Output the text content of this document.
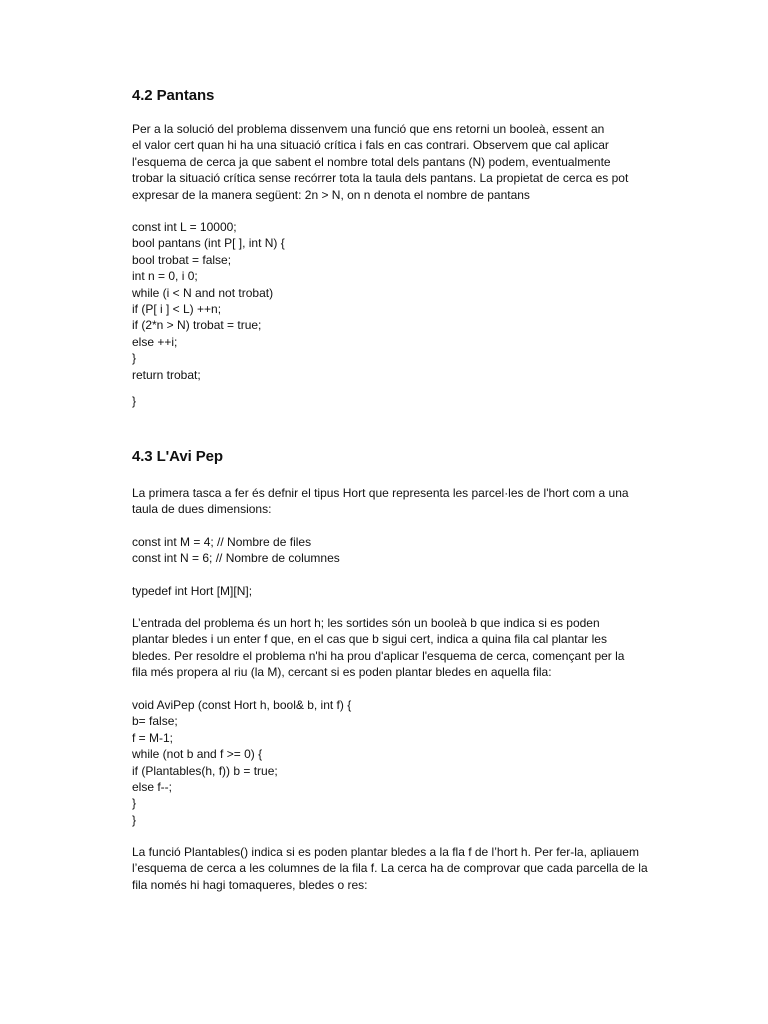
4.2 Pantans
Per a la solució del problema dissenvem una funció que ens retorni un booleà, essent an
el valor cert quan hi ha una situació crítica i fals en cas contrari. Observem que cal aplicar
l'esquema de cerca ja que sabent el nombre total dels pantans (N) podem, eventualmente
trobar la situació crítica sense recórrer tota la taula dels pantans. La propietat de cerca es pot
expresar de la manera següent: 2n > N, on n denota el nombre de pantans
const int L = 10000;
bool pantans (int P[ ], int N) {
bool trobat = false;
int n = 0, i 0;
while (i < N and not trobat)
if (P[ i ] < L) ++n;
if (2*n > N) trobat = true;
else ++i;
}
return trobat;
}
4.3 L'Avi Pep
La primera tasca a fer és defnir el tipus Hort que representa les parcel·les de l'hort com a una
taula de dues dimensions:
const int M = 4; // Nombre de files
const int N = 6; // Nombre de columnes
typedef int Hort [M][N];
L’entrada del problema és un hort h; les sortides són un booleà b que indica si es poden
plantar bledes i un enter f que, en el cas que b sigui cert, indica a quina fila cal plantar les
bledes. Per resoldre el problema n'hi ha prou d'aplicar l'esquema de cerca, començant per la
fila més propera al riu (la M), cercant si es poden plantar bledes en aquella fila:
void AviPep (const Hort h, bool& b, int f) {
b= false;
f = M-1;
while (not b and f >= 0) {
if (Plantables(h, f)) b = true;
else f--;
}
}
La funció Plantables() indica si es poden plantar bledes a la fla f de l’hort h. Per fer-la, apliauem
l’esquema de cerca a les columnes de la fila f. La cerca ha de comprovar que cada parcella de la
fila només hi hagi tomaqueres, bledes o res:
